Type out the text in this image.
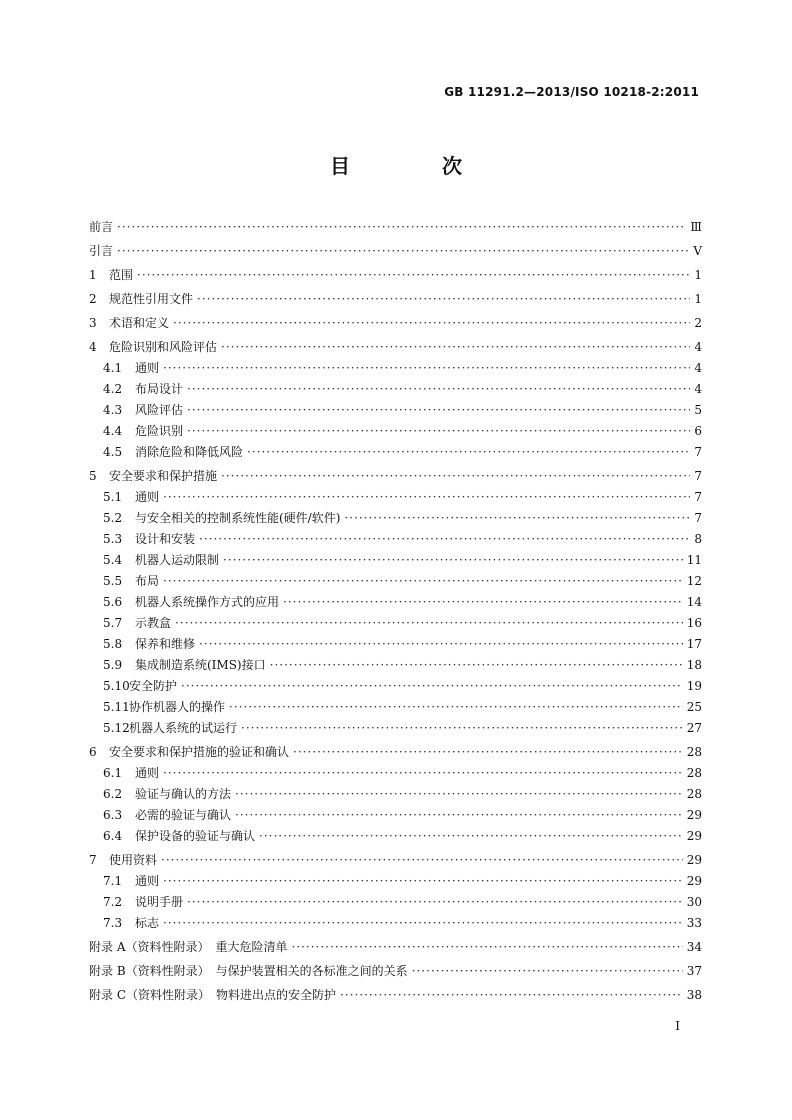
GB 11291.2—2013/ISO 10218-2:2011
目　次
前言 ·····	Ⅲ
引言 ·····	Ⅴ
1	范围 ·····	1
2	规范性引用文件 ·····	1
3	术语和定义 ·····	2
4	危险识别和风险评估 ·····	4
4.1	通则 ·····	4
4.2	布局设计 ·····	4
4.3	风险评估 ·····	5
4.4	危险识别 ·····	6
4.5	消除危险和降低风险 ·····	7
5	安全要求和保护措施 ·····	7
5.1	通则 ·····	7
5.2	与安全相关的控制系统性能(硬件/软件) ·····	7
5.3	设计和安装 ·····	8
5.4	机器人运动限制 ·····	11
5.5	布局 ·····	12
5.6	机器人系统操作方式的应用 ·····	14
5.7	示教盒 ·····	16
5.8	保养和维修 ·····	17
5.9	集成制造系统(IMS)接口 ·····	18
5.10 安全防护 ·····	19
5.11 协作机器人的操作 ·····	25
5.12 机器人系统的试运行 ·····	27
6	安全要求和保护措施的验证和确认 ·····	28
6.1	通则 ·····	28
6.2	验证与确认的方法 ·····	28
6.3	必需的验证与确认 ·····	29
6.4	保护设备的验证与确认 ·····	29
7	使用资料 ·····	29
7.1	通则 ·····	29
7.2	说明手册 ·····	30
7.3	标志 ·····	33
附录 A（资料性附录）　重大危险清单 ·····	34
附录 B（资料性附录）　与保护装置相关的各标准之间的关系 ·····	37
附录 C（资料性附录）　物料进出点的安全防护 ·····	38
I
